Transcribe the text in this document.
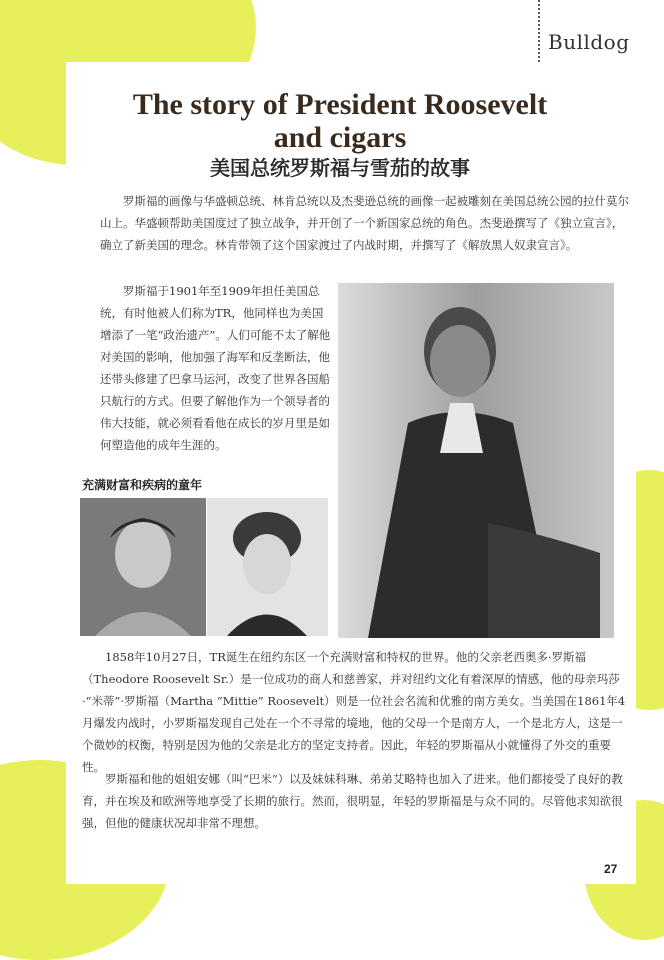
Bulldog
The story of President Roosevelt and cigars
美国总统罗斯福与雪茄的故事

罗斯福的画像与华盛顿总统、林肯总统以及杰斐逊总统的画像一起被雕刻在美国总统公园的拉什莫尔山上。华盛顿帮助美国度过了独立战争，并开创了一个新国家总统的角色。杰斐逊撰写了《独立宣言》，确立了新美国的理念。林肯带领了这个国家渡过了内战时期，并撰写了《解放黑人奴隶宣言》。

罗斯福于1901年至1909年担任美国总统，有时他被人们称为TR，他同样也为美国增添了一笔“政治遗产”。人们可能不太了解他对美国的影响，他加强了海军和反垄断法，他还带头修建了巴拿马运河，改变了世界各国船只航行的方式。但要了解他作为一个领导者的伟大技能，就必须看看他在成长的岁月里是如何塑造他的成年生涯的。

充满财富和疾病的童年

1858年10月27日，TR诞生在纽约东区一个充满财富和特权的世界。他的父亲老西奥多·罗斯福（Theodore Roosevelt Sr.）是一位成功的商人和慈善家，并对纽约文化有着深厚的情感，他的母亲玛莎·“米蒂”·罗斯福（Martha “Mittie” Roosevelt）则是一位社会名流和优雅的南方美女。当美国在1861年4月爆发内战时，小罗斯福发现自己处在一个不寻常的境地，他的父母一个是南方人，一个是北方人，这是一个微妙的权衡，特别是因为他的父亲是北方的坚定支持者。因此，年轻的罗斯福从小就懂得了外交的重要性。

罗斯福和他的姐姐安娜（叫“巴米”）以及妹妹科琳、弟弟艾略特也加入了进来。他们都接受了良好的教育，并在埃及和欧洲等地享受了长期的旅行。然而，很明显，年轻的罗斯福是与众不同的。尽管他求知欲很强，但他的健康状况却非常不理想。

27
